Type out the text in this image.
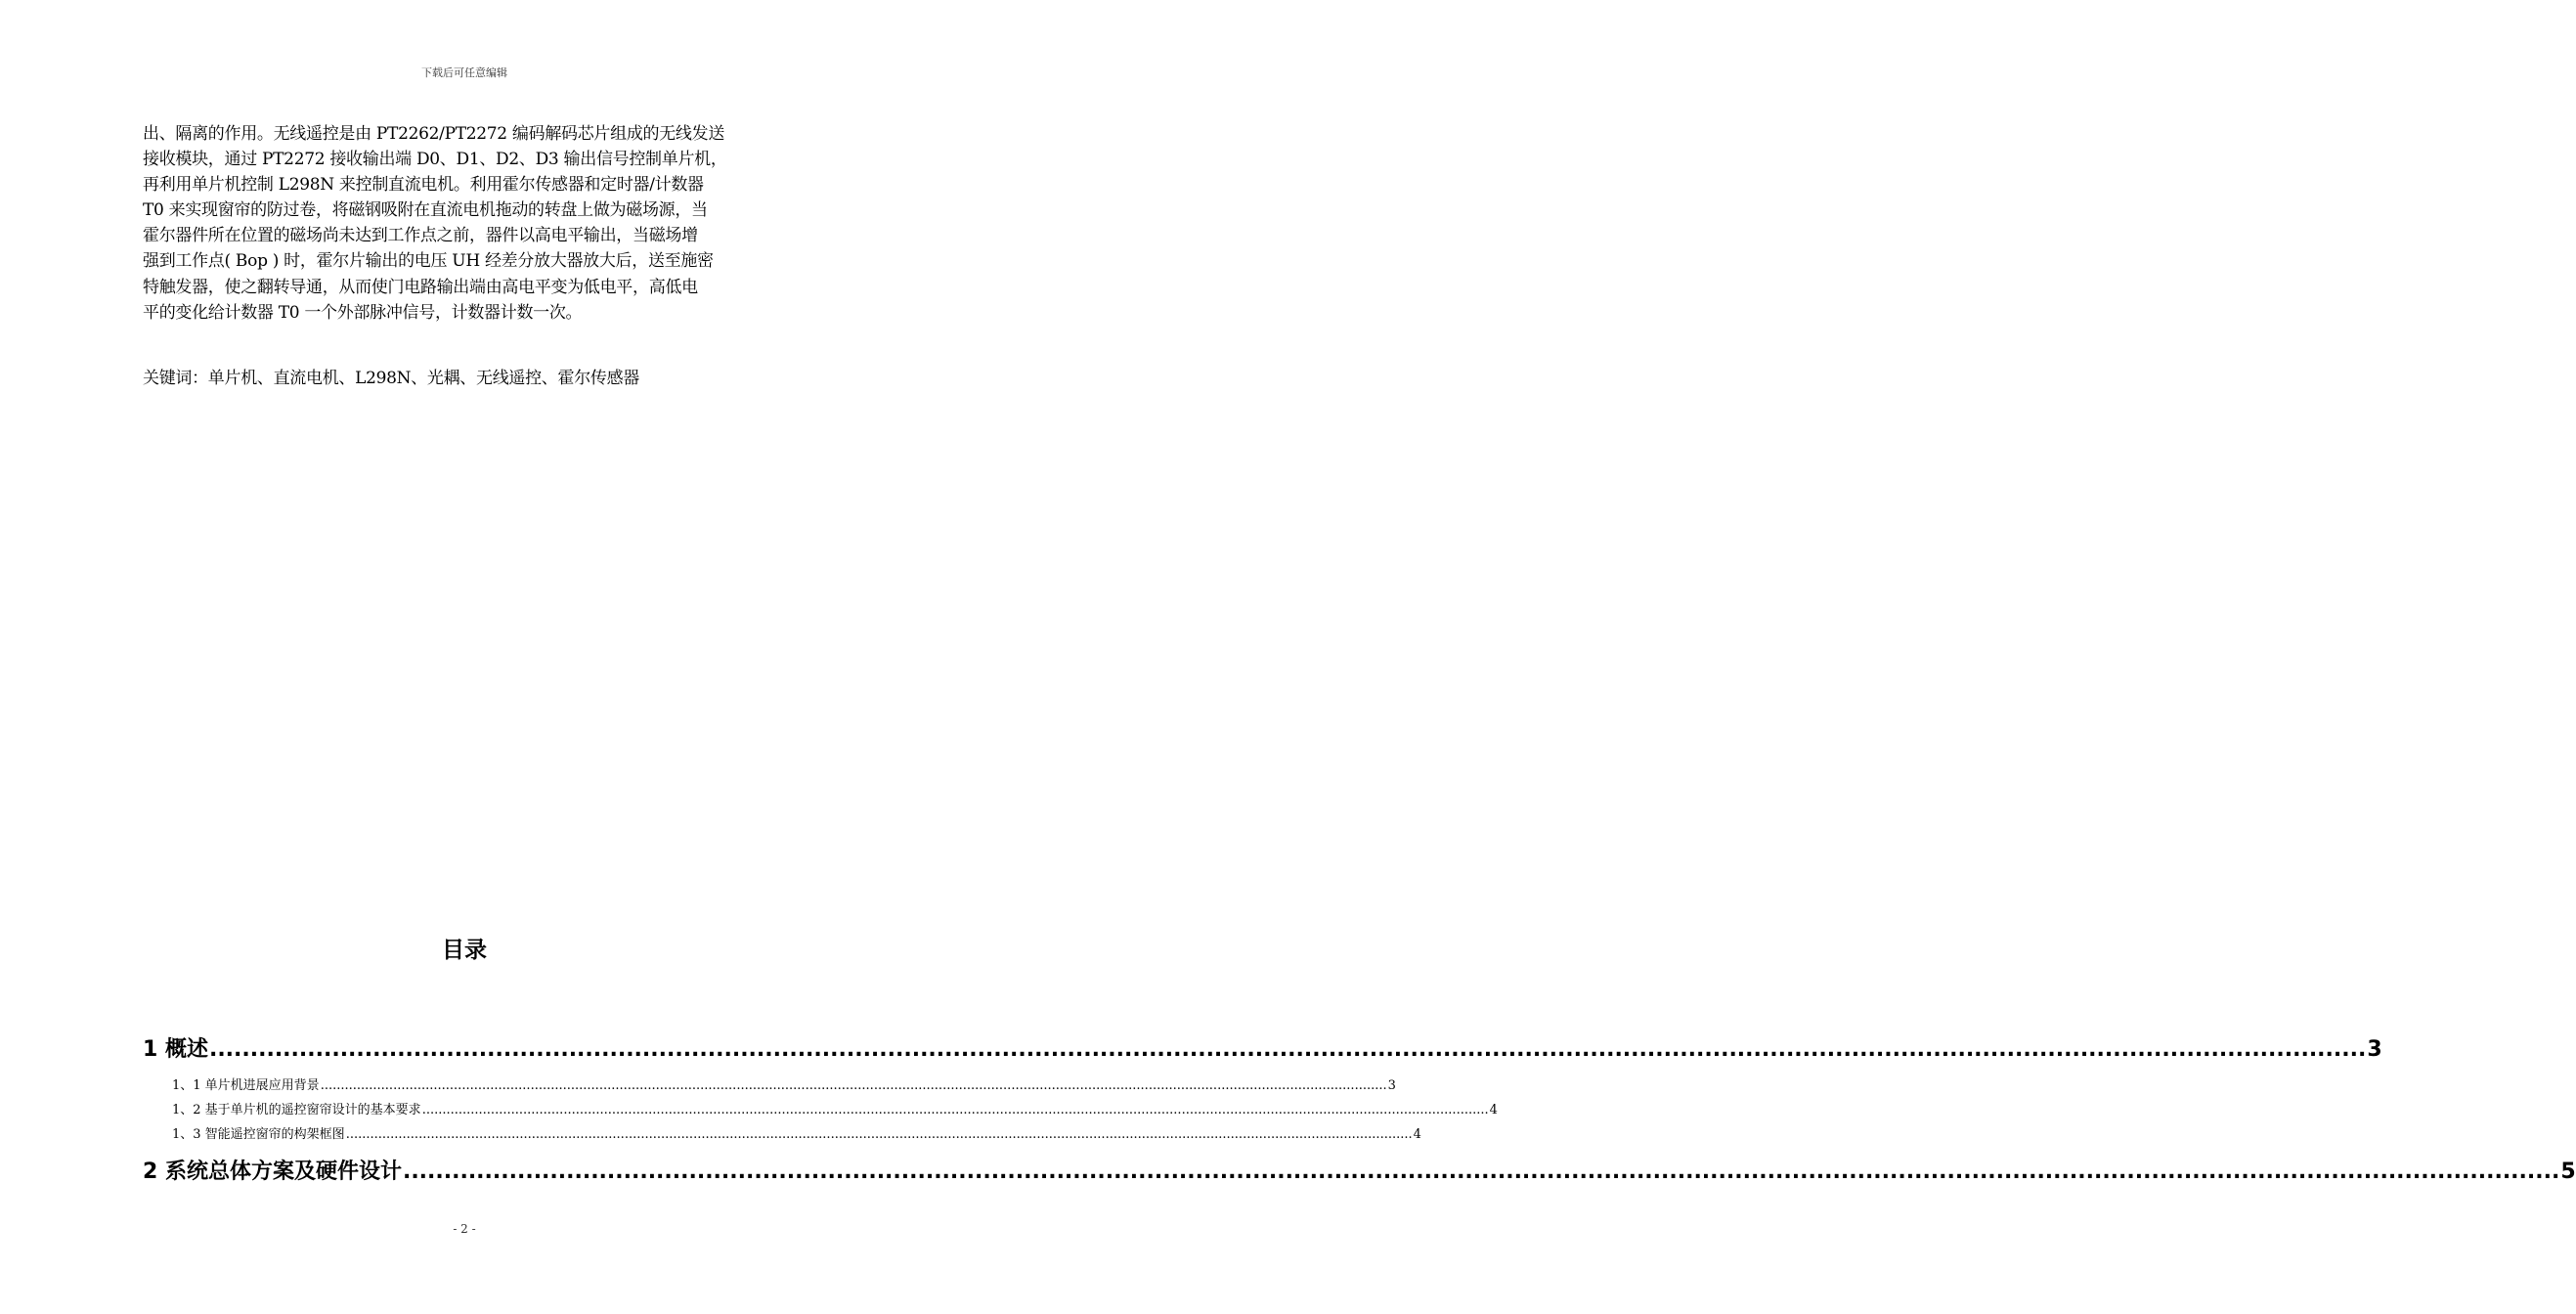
下载后可任意编辑
出、隔离的作用。无线遥控是由 PT2262/PT2272 编码解码芯片组成的无线发送
接收模块，通过 PT2272 接收输出端 D0、D1、D2、D3 输出信号控制单片机，
再利用单片机控制 L298N 来控制直流电机。利用霍尔传感器和定时器/计数器
T0 来实现窗帘的防过卷，将磁钢吸附在直流电机拖动的转盘上做为磁场源，当
霍尔器件所在位置的磁场尚未达到工作点之前，器件以高电平输出，当磁场增
强到工作点( Bop ) 时，霍尔片输出的电压 UH 经差分放大器放大后，送至施密
特触发器，使之翻转导通，从而使门电路输出端由高电平变为低电平，高低电
平的变化给计数器 T0 一个外部脉冲信号，计数器计数一次。
关键词：单片机、直流电机、L298N、光耦、无线遥控、霍尔传感器
目录
1 概述 .....	3
1、1 单片机进展应用背景 .....	3
1、2 基于单片机的遥控窗帘设计的基本要求 .....	4
1、3 智能遥控窗帘的构架框图 .....	4
2 系统总体方案及硬件设计 .....	5
- 2 -
